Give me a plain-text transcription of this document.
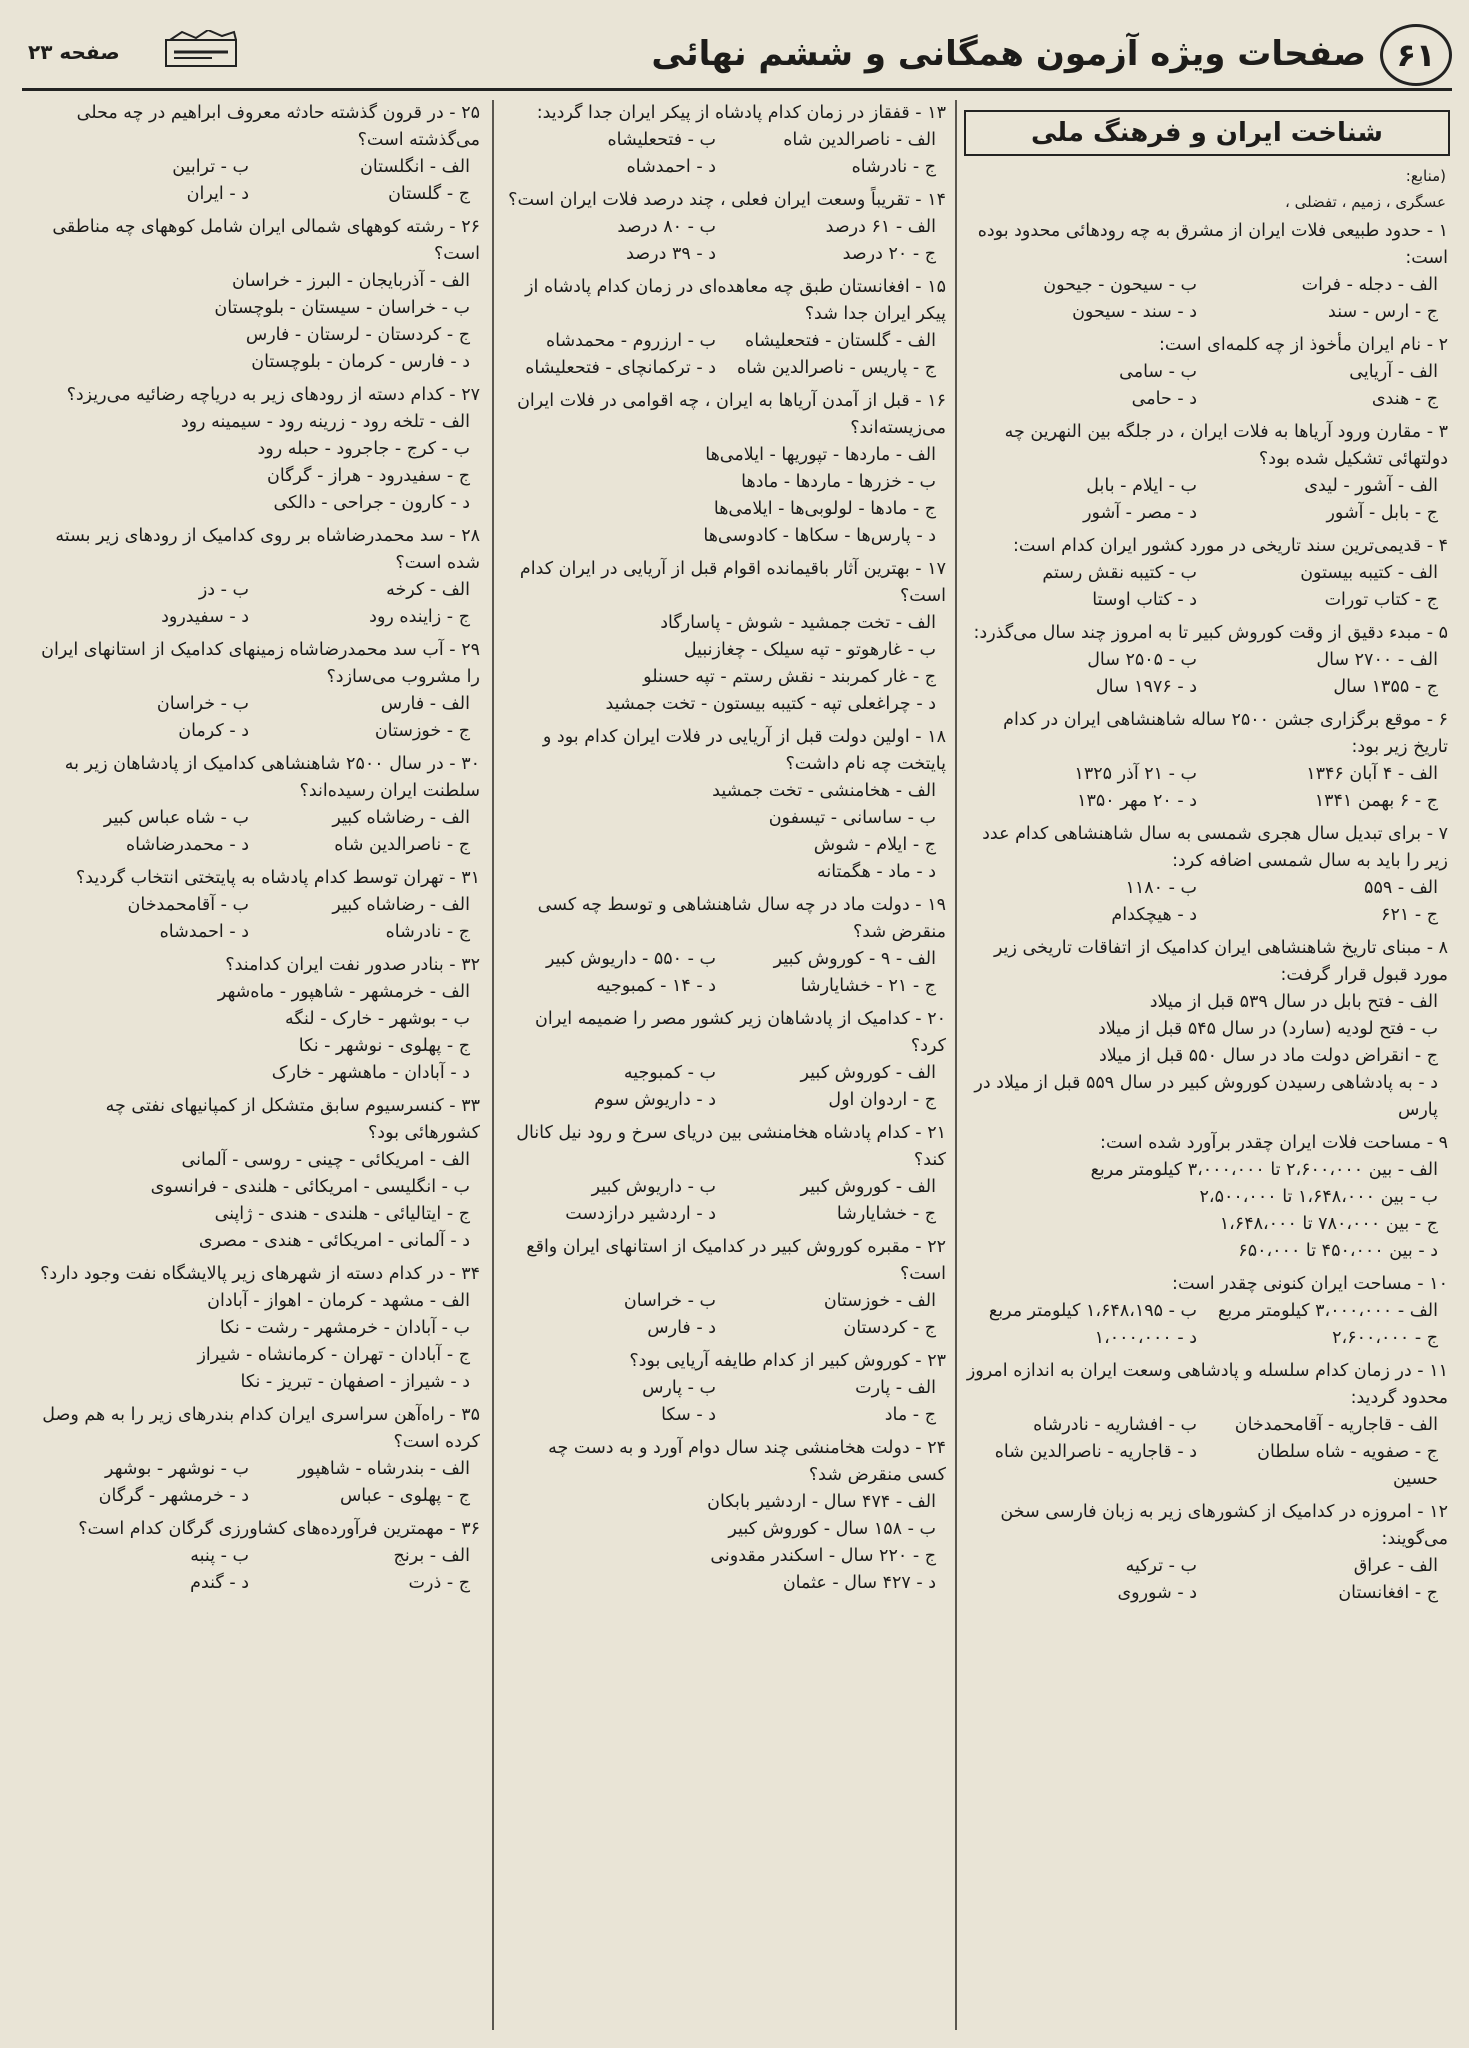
۶۱
صفحات ویژه آزمون همگانی و ششم نهائی
صفحه ۲۳
شناخت ایران و فرهنگ ملی
(منابع:
عسگری ، زمیم ، تفضلی ،
۱ - حدود طبیعی فلات ایران از مشرق به چه رودهائی محدود بوده است:
الف - دجله - فرات
ب - سیحون - جیحون
ج - ارس - سند
د - سند - سیحون
۲ - نام ایران مأخوذ از چه کلمه‌ای است:
الف - آریایی
ب - سامی
ج - هندی
د - حامی
۳ - مقارن ورود آریاها به فلات ایران ، در جلگه بین النهرین چه دولتهائی تشکیل شده بود؟
الف - آشور - لیدی
ب - ایلام - بابل
ج - بابل - آشور
د - مصر - آشور
۴ - قدیمی‌ترین سند تاریخی در مورد کشور ایران کدام است:
الف - کتیبه بیستون
ب - کتیبه نقش رستم
ج - کتاب تورات
د - کتاب اوستا
۵ - مبدء دقیق از وقت کوروش کبیر تا به امروز چند سال می‌گذرد:
الف - ۲۷۰۰ سال
ب - ۲۵۰۵ سال
ج - ۱۳۵۵ سال
د - ۱۹۷۶ سال
۶ - موقع برگزاری جشن ۲۵۰۰ ساله شاهنشاهی ایران در کدام تاریخ زیر بود:
الف - ۴ آبان ۱۳۴۶
ب - ۲۱ آذر ۱۳۲۵
ج - ۶ بهمن ۱۳۴۱
د - ۲۰ مهر ۱۳۵۰
۷ - برای تبدیل سال هجری شمسی به سال شاهنشاهی کدام عدد زیر را باید به سال شمسی اضافه کرد:
الف - ۵۵۹
ب - ۱۱۸۰
ج - ۶۲۱
د - هیچکدام
۸ - مبنای تاریخ شاهنشاهی ایران کدامیک از اتفاقات تاریخی زیر مورد قبول قرار گرفت:
الف - فتح بابل در سال ۵۳۹ قبل از میلاد
ب - فتح لودیه (سارد) در سال ۵۴۵ قبل از میلاد
ج - انقراض دولت ماد در سال ۵۵۰ قبل از میلاد
د - به پادشاهی رسیدن کوروش کبیر در سال ۵۵۹ قبل از میلاد در پارس
۹ - مساحت فلات ایران چقدر برآورد شده است:
الف - بین ۲،۶۰۰،۰۰۰ تا ۳،۰۰۰،۰۰۰ کیلومتر مربع
ب - بین ۱،۶۴۸،۰۰۰ تا ۲،۵۰۰،۰۰۰
ج - بین ۷۸۰،۰۰۰ تا ۱،۶۴۸،۰۰۰
د - بین ۴۵۰،۰۰۰ تا ۶۵۰،۰۰۰
۱۰ - مساحت ایران کنونی چقدر است:
الف - ۳،۰۰۰،۰۰۰ کیلومتر مربع
ب - ۱،۶۴۸،۱۹۵ کیلومتر مربع
ج - ۲،۶۰۰،۰۰۰
د - ۱،۰۰۰،۰۰۰
۱۱ - در زمان کدام سلسله و پادشاهی وسعت ایران به اندازه امروز محدود گردید:
الف - قاجاریه - آقامحمدخان
ب - افشاریه - نادرشاه
ج - صفویه - شاه سلطان حسین
د - قاجاریه - ناصرالدین شاه
۱۲ - امروزه در کدامیک از کشورهای زیر به زبان فارسی سخن می‌گویند:
الف - عراق
ب - ترکیه
ج - افغانستان
د - شوروی
۱۳ - قفقاز در زمان کدام پادشاه از پیکر ایران جدا گردید:
الف - ناصرالدین شاه
ب - فتحعلیشاه
ج - نادرشاه
د - احمدشاه
۱۴ - تقریباً وسعت ایران فعلی ، چند درصد فلات ایران است؟
الف - ۶۱ درصد
ب - ۸۰ درصد
ج - ۲۰ درصد
د - ۳۹ درصد
۱۵ - افغانستان طبق چه معاهده‌ای در زمان کدام پادشاه از پیکر ایران جدا شد؟
الف - گلستان - فتحعلیشاه
ب - ارزروم - محمدشاه
ج - پاریس - ناصرالدین شاه
د - ترکمانچای - فتحعلیشاه
۱۶ - قبل از آمدن آریاها به ایران ، چه اقوامی در فلات ایران می‌زیسته‌اند؟
الف - ماردها - تپوریها - ایلامی‌ها
ب - خزرها - ماردها - مادها
ج - مادها - لولوبی‌ها - ایلامی‌ها
د - پارس‌ها - سکاها - کادوسی‌ها
۱۷ - بهترین آثار باقیمانده اقوام قبل از آریایی در ایران کدام است؟
الف - تخت جمشید - شوش - پاسارگاد
ب - غارهوتو - تپه سیلک - چغازنبیل
ج - غار کمربند - نقش رستم - تپه حسنلو
د - چراغعلی تپه - کتیبه بیستون - تخت جمشید
۱۸ - اولین دولت قبل از آریایی در فلات ایران کدام بود و پایتخت چه نام داشت؟
الف - هخامنشی - تخت جمشید
ب - ساسانی - تیسفون
ج - ایلام - شوش
د - ماد - هگمتانه
۱۹ - دولت ماد در چه سال شاهنشاهی و توسط چه کسی منقرض شد؟
الف - ۹ - کوروش کبیر
ب - ۵۵۰ - داریوش کبیر
ج - ۲۱ - خشایارشا
د - ۱۴ - کمبوجیه
۲۰ - کدامیک از پادشاهان زیر کشور مصر را ضمیمه ایران کرد؟
الف - کوروش کبیر
ب - کمبوجیه
ج - اردوان اول
د - داریوش سوم
۲۱ - کدام پادشاه هخامنشی بین دریای سرخ و رود نیل کانال کند؟
الف - کوروش کبیر
ب - داریوش کبیر
ج - خشایارشا
د - اردشیر درازدست
۲۲ - مقبره کوروش کبیر در کدامیک از استانهای ایران واقع است؟
الف - خوزستان
ب - خراسان
ج - کردستان
د - فارس
۲۳ - کوروش کبیر از کدام طایفه آریایی بود؟
الف - پارت
ب - پارس
ج - ماد
د - سکا
۲۴ - دولت هخامنشی چند سال دوام آورد و به دست چه کسی منقرض شد؟
الف - ۴۷۴ سال - اردشیر بابکان
ب - ۱۵۸ سال - کوروش کبیر
ج - ۲۲۰ سال - اسکندر مقدونی
د - ۴۲۷ سال - عثمان
۲۵ - در قرون گذشته حادثه معروف ابراهیم در چه محلی می‌گذشته است؟
الف - انگلستان
ب - ترابین
ج - گلستان
د - ایران
۲۶ - رشته کوههای شمالی ایران شامل کوههای چه مناطقی است؟
الف - آذربایجان - البرز - خراسان
ب - خراسان - سیستان - بلوچستان
ج - کردستان - لرستان - فارس
د - فارس - کرمان - بلوچستان
۲۷ - کدام دسته از رودهای زیر به دریاچه رضائیه می‌ریزد؟
الف - تلخه رود - زرینه رود - سیمینه رود
ب - کرج - جاجرود - حبله رود
ج - سفیدرود - هراز - گرگان
د - کارون - جراحی - دالکی
۲۸ - سد محمدرضاشاه بر روی کدامیک از رودهای زیر بسته شده است؟
الف - کرخه
ب - دز
ج - زاینده رود
د - سفیدرود
۲۹ - آب سد محمدرضاشاه زمینهای کدامیک از استانهای ایران را مشروب می‌سازد؟
الف - فارس
ب - خراسان
ج - خوزستان
د - کرمان
۳۰ - در سال ۲۵۰۰ شاهنشاهی کدامیک از پادشاهان زیر به سلطنت ایران رسیده‌اند؟
الف - رضاشاه کبیر
ب - شاه عباس کبیر
ج - ناصرالدین شاه
د - محمدرضاشاه
۳۱ - تهران توسط کدام پادشاه به پایتختی انتخاب گردید؟
الف - رضاشاه کبیر
ب - آقامحمدخان
ج - نادرشاه
د - احمدشاه
۳۲ - بنادر صدور نفت ایران کدامند؟
الف - خرمشهر - شاهپور - ماه‌شهر
ب - بوشهر - خارک - لنگه
ج - پهلوی - نوشهر - نکا
د - آبادان - ماهشهر - خارک
۳۳ - کنسرسیوم سابق متشکل از کمپانیهای نفتی چه کشورهائی بود؟
الف - امریکائی - چینی - روسی - آلمانی
ب - انگلیسی - امریکائی - هلندی - فرانسوی
ج - ایتالیائی - هلندی - هندی - ژاپنی
د - آلمانی - امریکائی - هندی - مصری
۳۴ - در کدام دسته از شهرهای زیر پالایشگاه نفت وجود دارد؟
الف - مشهد - کرمان - اهواز - آبادان
ب - آبادان - خرمشهر - رشت - نکا
ج - آبادان - تهران - کرمانشاه - شیراز
د - شیراز - اصفهان - تبریز - نکا
۳۵ - راه‌آهن سراسری ایران کدام بندرهای زیر را به هم وصل کرده است؟
الف - بندرشاه - شاهپور
ب - نوشهر - بوشهر
ج - پهلوی - عباس
د - خرمشهر - گرگان
۳۶ - مهمترین فرآورده‌های کشاورزی گرگان کدام است؟
الف - برنج
ب - پنبه
ج - ذرت
د - گندم
